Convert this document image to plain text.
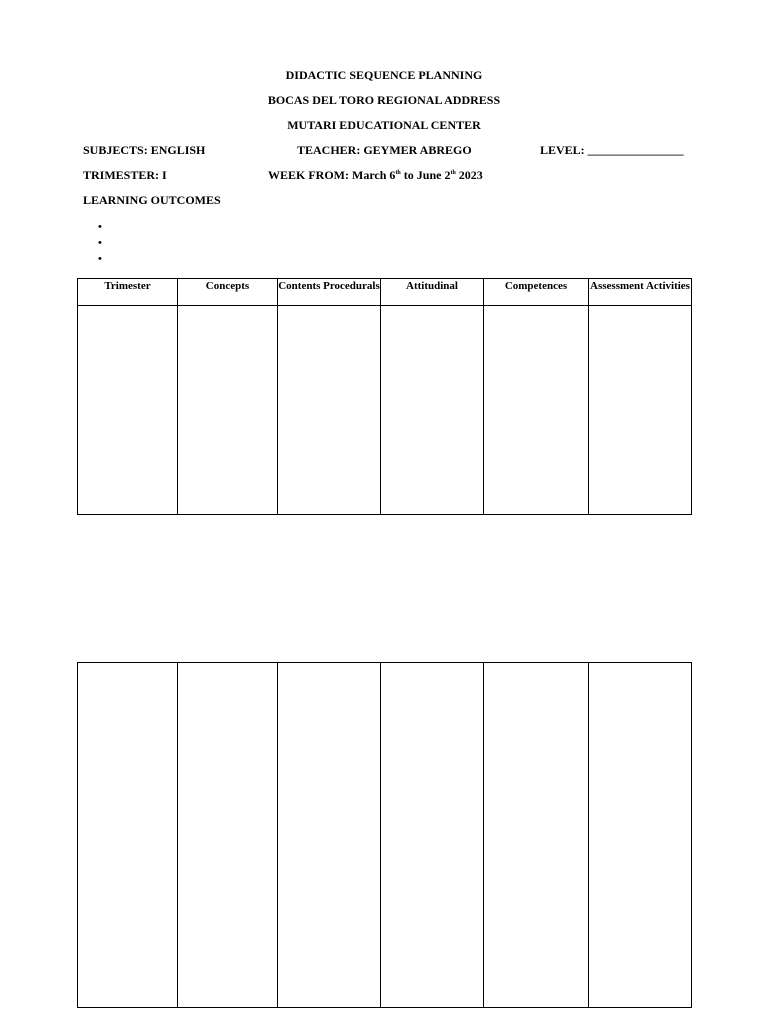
DIDACTIC SEQUENCE PLANNING
BOCAS DEL TORO REGIONAL ADDRESS
MUTARI EDUCATIONAL CENTER
SUBJECTS: ENGLISH	TEACHER: GEYMER ABREGO	LEVEL: ________________
TRIMESTER: I	WEEK FROM: March 6th to June 2th 2023
LEARNING OUTCOMES
Trimester	Concepts	Contents Procedurals	Attitudinal	Competences	Assessment Activities
